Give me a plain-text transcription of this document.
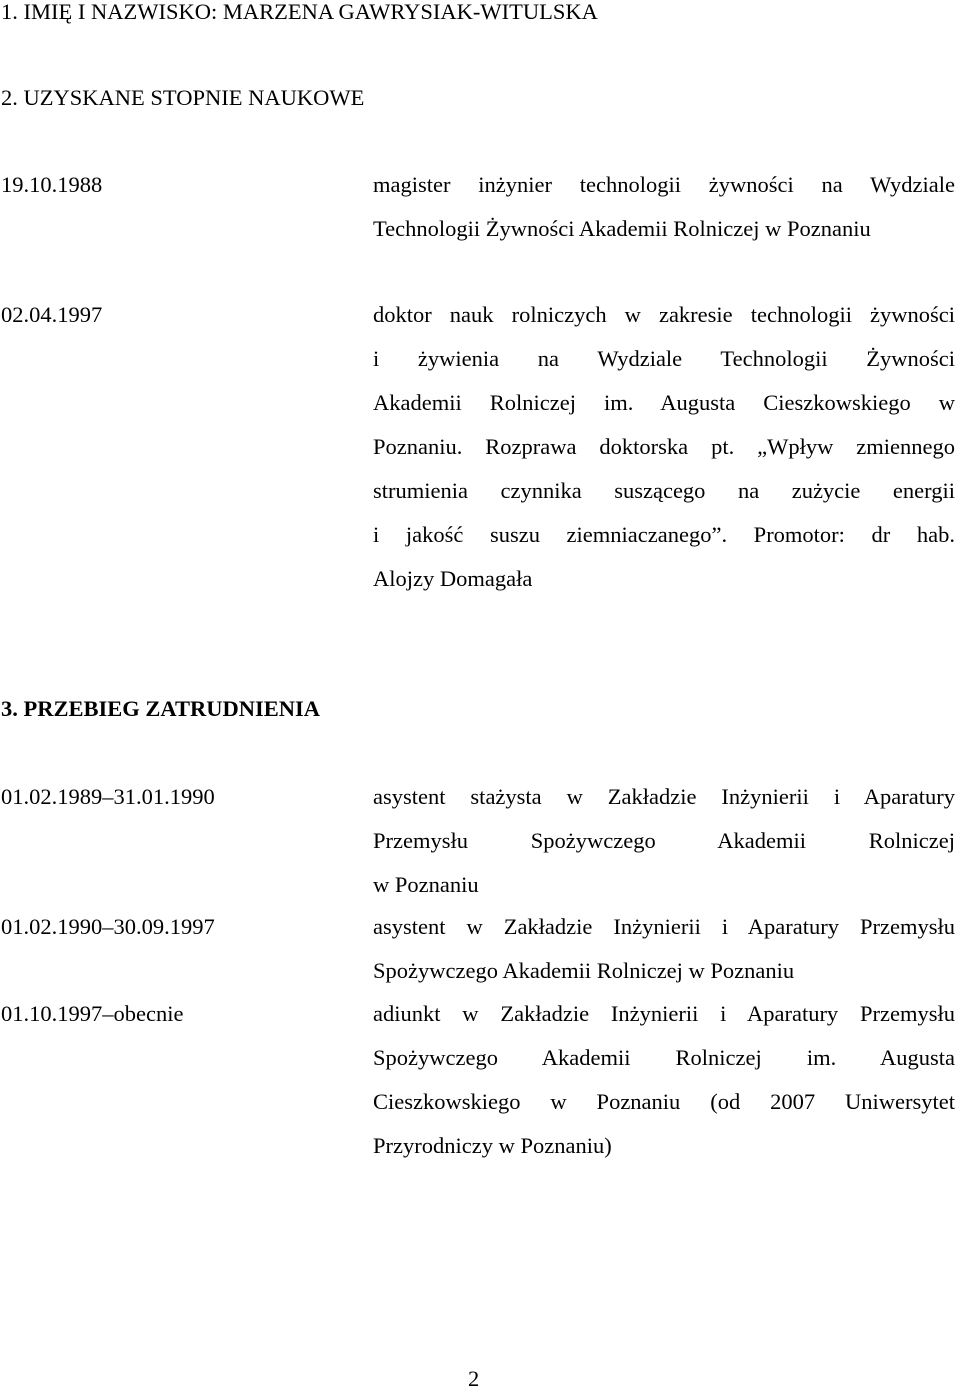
1. IMIĘ I NAZWISKO: MARZENA GAWRYSIAK-WITULSKA
2. UZYSKANE STOPNIE NAUKOWE
19.10.1988	magister inżynier technologii żywności na Wydziale
Technologii Żywności Akademii Rolniczej w Poznaniu
02.04.1997	doktor nauk rolniczych w zakresie technologii żywności
i żywienia na Wydziale Technologii Żywności
Akademii Rolniczej im. Augusta Cieszkowskiego w
Poznaniu. Rozprawa doktorska pt. „Wpływ zmiennego
strumienia czynnika suszącego na zużycie energii
i jakość suszu ziemniaczanego”. Promotor: dr hab.
Alojzy Domagała
3. PRZEBIEG ZATRUDNIENIA
01.02.1989–31.01.1990	asystent stażysta w Zakładzie Inżynierii i Aparatury
Przemysłu Spożywczego Akademii Rolniczej
w Poznaniu
01.02.1990–30.09.1997	asystent w Zakładzie Inżynierii i Aparatury Przemysłu
Spożywczego Akademii Rolniczej w Poznaniu
01.10.1997–obecnie	adiunkt w Zakładzie Inżynierii i Aparatury Przemysłu
Spożywczego Akademii Rolniczej im. Augusta
Cieszkowskiego w Poznaniu (od 2007 Uniwersytet
Przyrodniczy w Poznaniu)
2
